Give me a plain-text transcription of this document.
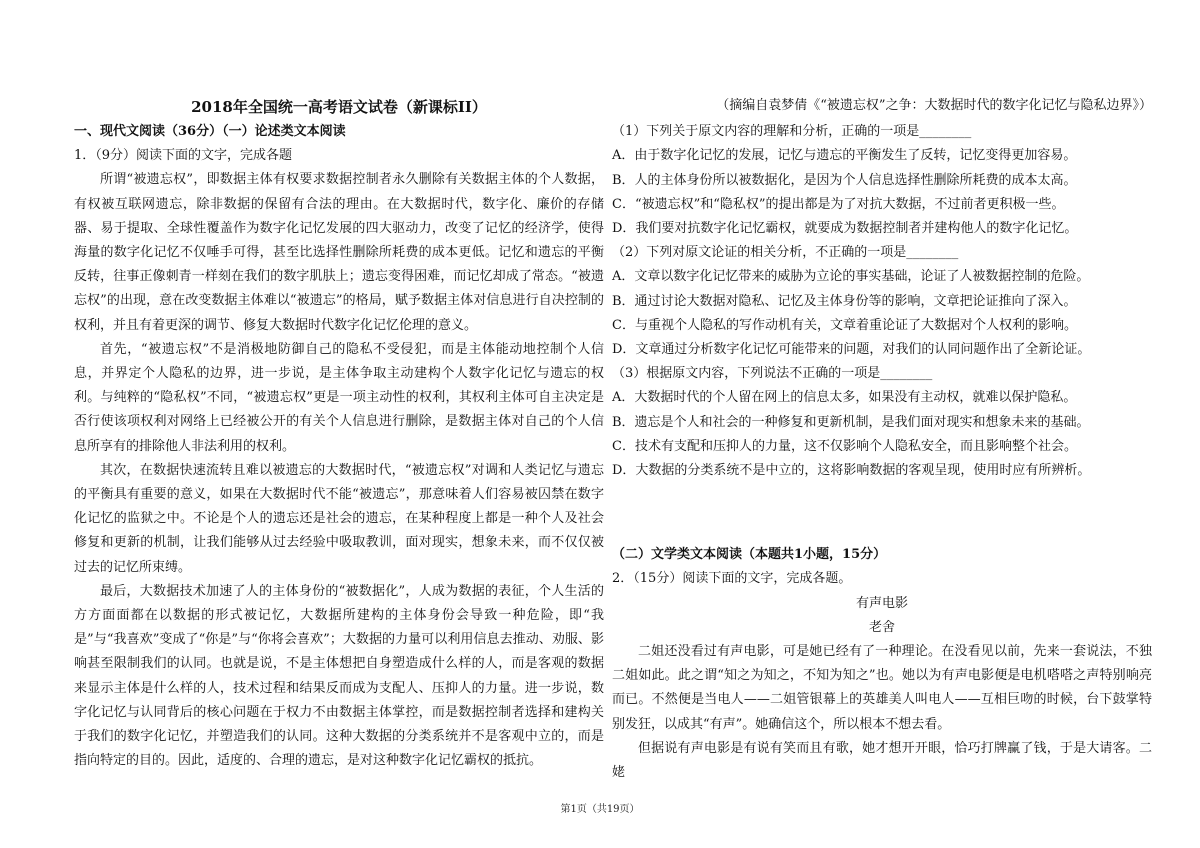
2018年全国统一高考语文试卷（新课标II）

一、现代文阅读（36分）（一）论述类文本阅读

1．（9分）阅读下面的文字，完成各题

所谓“被遗忘权”，即数据主体有权要求数据控制者永久删除有关数据主体的个人数据，有权被互联网遗忘，除非数据的保留有合法的理由。在大数据时代，数字化、廉价的存储器、易于提取、全球性覆盖作为数字化记忆发展的四大驱动力，改变了记忆的经济学，使得海量的数字化记忆不仅唾手可得，甚至比选择性删除所耗费的成本更低。记忆和遗忘的平衡反转，往事正像刺青一样刻在我们的数字肌肤上；遗忘变得困难，而记忆却成了常态。“被遗忘权”的出现，意在改变数据主体难以“被遗忘”的格局，赋予数据主体对信息进行自决控制的权利，并且有着更深的调节、修复大数据时代数字化记忆伦理的意义。

首先，“被遗忘权”不是消极地防御自己的隐私不受侵犯，而是主体能动地控制个人信息，并界定个人隐私的边界，进一步说，是主体争取主动建构个人数字化记忆与遗忘的权利。与纯粹的“隐私权”不同，“被遗忘权”更是一项主动性的权利，其权利主体可自主决定是否行使该项权利对网络上已经被公开的有关个人信息进行删除，是数据主体对自己的个人信息所享有的排除他人非法利用的权利。

其次，在数据快速流转且难以被遗忘的大数据时代，“被遗忘权”对调和人类记忆与遗忘的平衡具有重要的意义，如果在大数据时代不能“被遗忘”，那意味着人们容易被囚禁在数字化记忆的监狱之中。不论是个人的遗忘还是社会的遗忘，在某种程度上都是一种个人及社会修复和更新的机制，让我们能够从过去经验中吸取教训，面对现实，想象未来，而不仅仅被过去的记忆所束缚。

最后，大数据技术加速了人的主体身份的“被数据化”，人成为数据的表征，个人生活的方方面面都在以数据的形式被记忆，大数据所建构的主体身份会导致一种危险，即“我是”与“我喜欢”变成了“你是”与“你将会喜欢”；大数据的力量可以利用信息去推动、劝服、影响甚至限制我们的认同。也就是说，不是主体想把自身塑造成什么样的人，而是客观的数据来显示主体是什么样的人，技术过程和结果反而成为支配人、压抑人的力量。进一步说，数字化记忆与认同背后的核心问题在于权力不由数据主体掌控，而是数据控制者选择和建构关于我们的数字化记忆，并塑造我们的认同。这种大数据的分类系统并不是客观中立的，而是指向特定的目的。因此，适度的、合理的遗忘，是对这种数字化记忆霸权的抵抗。

（摘编自袁梦倩《“被遗忘权”之争：大数据时代的数字化记忆与隐私边界》）

（1）下列关于原文内容的理解和分析，正确的一项是________

A．由于数字化记忆的发展，记忆与遗忘的平衡发生了反转，记忆变得更加容易。

B．人的主体身份所以被数据化，是因为个人信息选择性删除所耗费的成本太高。

C．“被遗忘权”和“隐私权”的提出都是为了对抗大数据，不过前者更积极一些。

D．我们要对抗数字化记忆霸权，就要成为数据控制者并建构他人的数字化记忆。

（2）下列对原文论证的相关分析，不正确的一项是________

A．文章以数字化记忆带来的威胁为立论的事实基础，论证了人被数据控制的危险。

B．通过讨论大数据对隐私、记忆及主体身份等的影响，文章把论证推向了深入。

C．与重视个人隐私的写作动机有关，文章着重论证了大数据对个人权利的影响。

D．文章通过分析数字化记忆可能带来的问题，对我们的认同问题作出了全新论证。

（3）根据原文内容，下列说法不正确的一项是________

A．大数据时代的个人留在网上的信息太多，如果没有主动权，就难以保护隐私。

B．遗忘是个人和社会的一种修复和更新机制，是我们面对现实和想象未来的基础。

C．技术有支配和压抑人的力量，这不仅影响个人隐私安全，而且影响整个社会。

D．大数据的分类系统不是中立的，这将影响数据的客观呈现，使用时应有所辨析。

（二）文学类文本阅读（本题共1小题，15分）

2．（15分）阅读下面的文字，完成各题。

有声电影

老舍

二姐还没看过有声电影，可是她已经有了一种理论。在没看见以前，先来一套说法，不独二姐如此。此之谓“知之为知之，不知为知之”也。她以为有声电影便是电机嗒嗒之声特别响亮而已。不然便是当电人——二姐管银幕上的英雄美人叫电人——互相巨吻的时候，台下鼓掌特别发狂，以成其“有声”。她确信这个，所以根本不想去看。

但据说有声电影是有说有笑而且有歌，她才想开开眼，恰巧打牌赢了钱，于是大请客。二姥

第1页（共19页）
